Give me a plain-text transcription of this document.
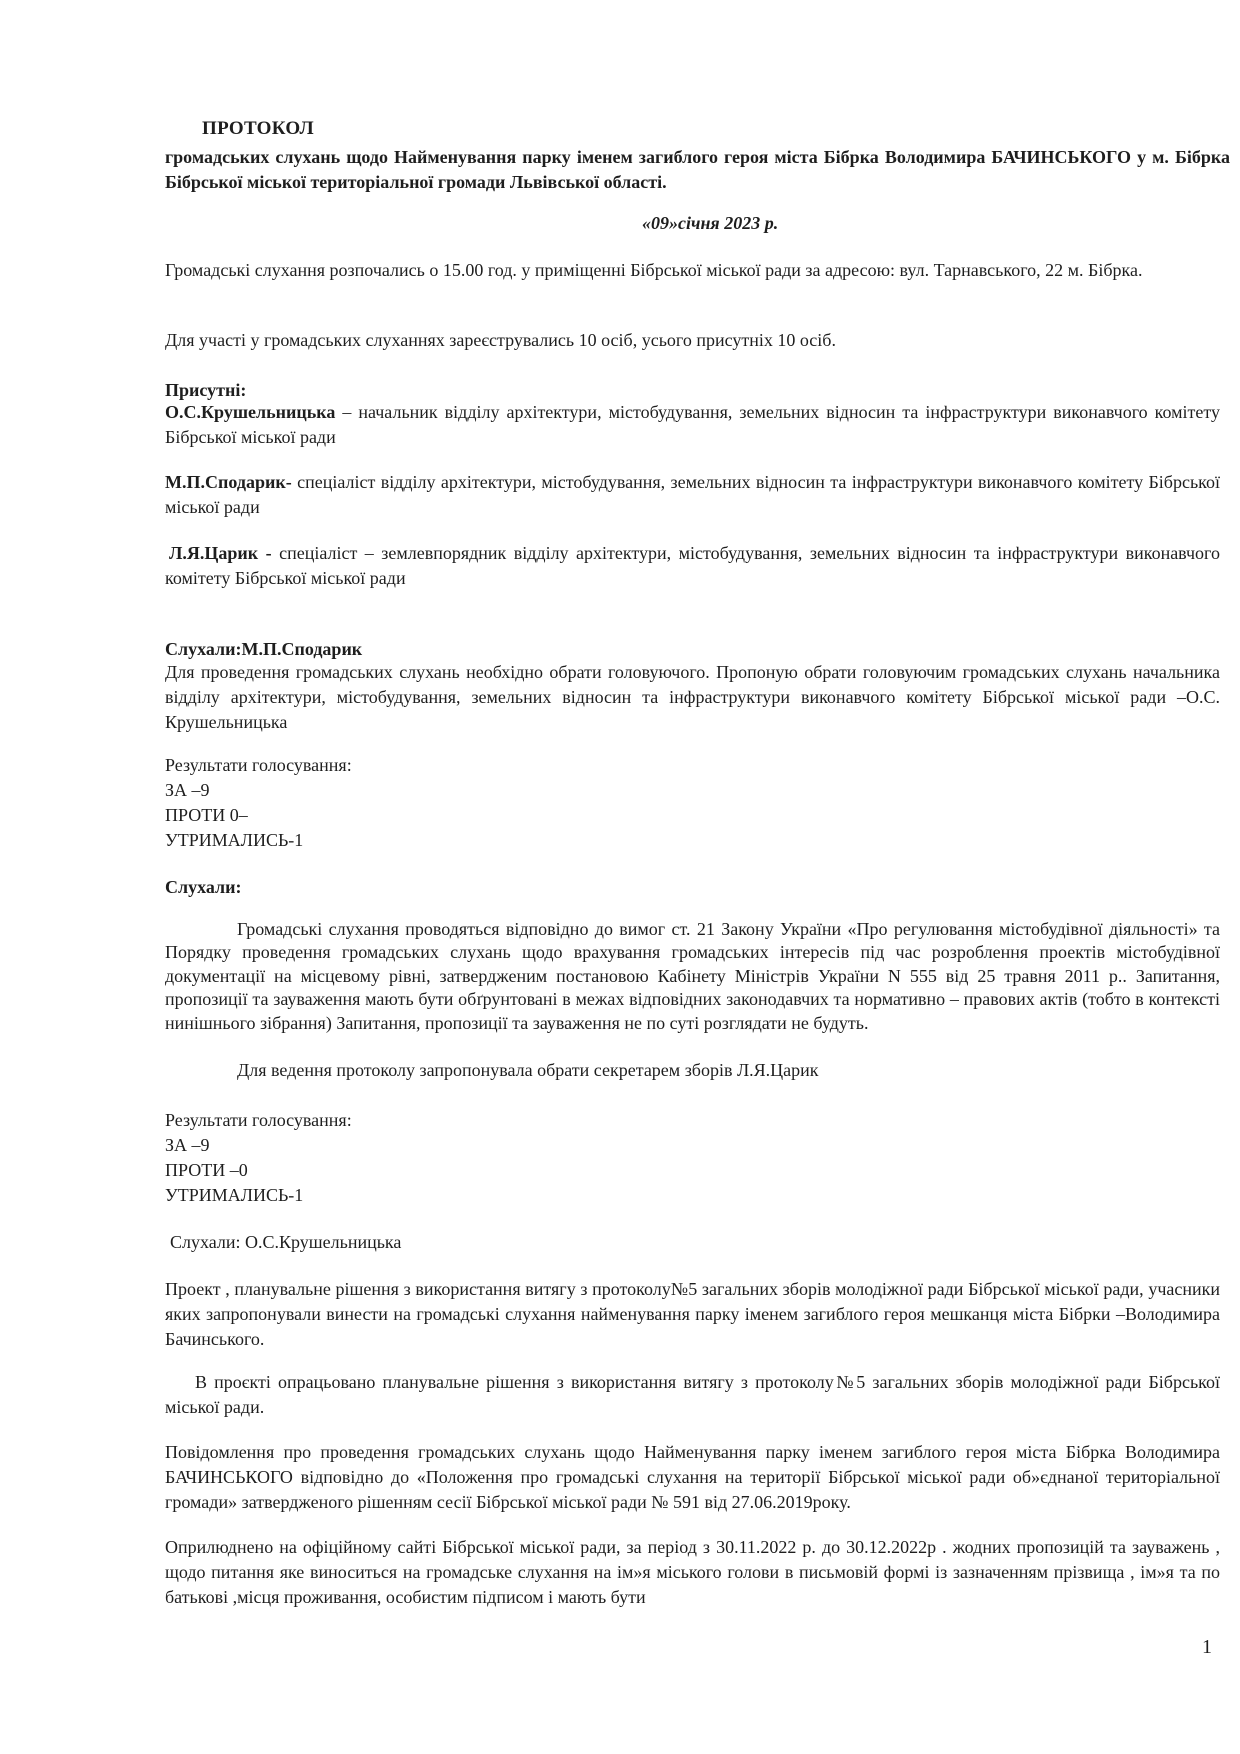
ПРОТОКОЛ

громадських слухань щодо Найменування парку іменем загиблого героя міста Бібрка Володимира БАЧИНСЬКОГО у м. Бібрка Бібрської міської територіальної громади Львівської області.

«09»січня 2023 р.

Громадські слухання розпочались о 15.00 год. у приміщенні Бібрської міської ради за адресою: вул. Тарнавського, 22 м. Бібрка.

Для участі у громадських слуханнях зареєструвались 10 осіб, усього присутніх 10 осіб.

Присутні:

О.С.Крушельницька – начальник відділу архітектури, містобудування, земельних відносин та інфраструктури виконавчого комітету Бібрської міської ради

М.П.Сподарик- спеціаліст відділу архітектури, містобудування, земельних відносин та інфраструктури виконавчого комітету Бібрської міської ради

Л.Я.Царик - спеціаліст – землевпорядник відділу архітектури, містобудування, земельних відносин та інфраструктури виконавчого комітету Бібрської міської ради

Слухали:М.П.Сподарик

Для проведення громадських слухань необхідно обрати головуючого. Пропоную обрати головуючим громадських слухань начальника відділу архітектури, містобудування, земельних відносин та інфраструктури виконавчого комітету Бібрської міської ради –О.С. Крушельницька

Результати голосування:
ЗА –9
ПРОТИ 0–
УТРИМАЛИСЬ-1

Слухали:

Громадські слухання проводяться відповідно до вимог ст. 21 Закону України «Про регулювання містобудівної діяльності» та Порядку проведення громадських слухань щодо врахування громадських інтересів під час розроблення проектів містобудівної документації на місцевому рівні, затвердженим постановою Кабінету Міністрів України N 555 від 25 травня 2011 р.. Запитання, пропозиції та зауваження мають бути обґрунтовані в межах відповідних законодавчих та нормативно – правових актів (тобто в контексті нинішнього зібрання) Запитання, пропозиції та зауваження не по суті розглядати не будуть.

Для ведення протоколу запропонувала обрати секретарем зборів Л.Я.Царик

Результати голосування:
ЗА –9
ПРОТИ –0
УТРИМАЛИСЬ-1

Слухали: О.С.Крушельницька

Проект , планувальне рішення з використання витягу з протоколу№5 загальних зборів молодіжної ради Бібрської міської ради, учасники яких запропонували винести на громадські слухання найменування парку іменем загиблого героя мешканця міста Бібрки –Володимира Бачинського.

В проєкті опрацьовано планувальне рішення з використання витягу з протоколу№5 загальних зборів молодіжної ради Бібрської міської ради.

Повідомлення про проведення громадських слухань щодо Найменування парку іменем загиблого героя міста Бібрка Володимира БАЧИНСЬКОГО відповідно до «Положення про громадські слухання на території Бібрської міської ради об»єднаної територіальної громади» затвердженого рішенням сесії Бібрської міської ради № 591 від 27.06.2019року.

Оприлюднено на офіційному сайті Бібрської міської ради, за період з 30.11.2022 р. до 30.12.2022р . жодних пропозицій та зауважень , щодо питання яке виноситься на громадське слухання на ім»я міського голови в письмовій формі із зазначенням прізвища , ім»я та по батькові ,місця проживання, особистим підписом і мають бути

1
